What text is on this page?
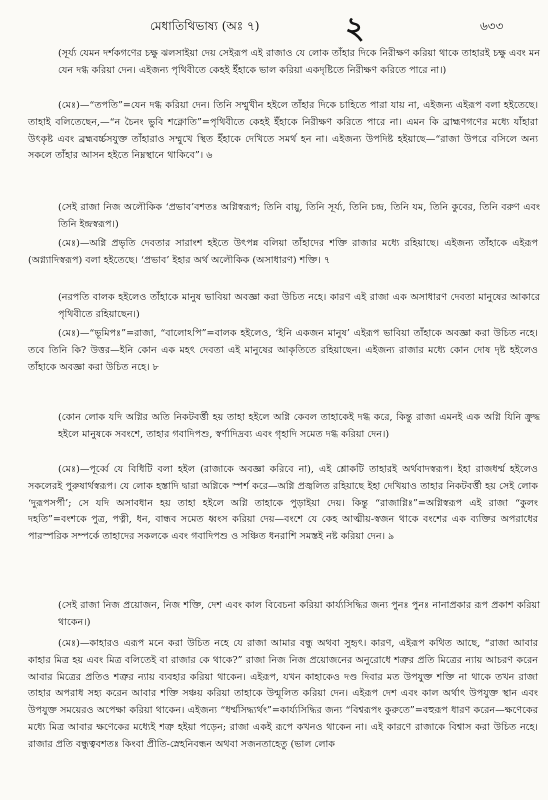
মেধাতিথিভাষ্য (অঃ ৭)	২	৬৩৩

(সূর্য্য যেমন দর্শকগণের চক্ষু ঝলসাইয়া দেয় সেইরূপ এই রাজাও যে লোক তাঁহার দিকে নিরীক্ষণ করিয়া থাকে তাহারই চক্ষু এবং মন যেন দগ্ধ করিয়া দেন। এইজন্য পৃথিবীতে কেহই ইঁহাকে ভাল করিয়া একদৃষ্টিতে নিরীক্ষণ করিতে পারে না।)

(মেঃ)—“তপতি”=যেন দগ্ধ করিয়া দেন। তিনি সম্মুখীন হইলে তাঁহার দিকে চাহিতে পারা যায় না, এইজন্য এইরূপ বলা হইতেছে। তাহাই বলিতেছেন,—“ন চৈনং ভুবি শক্নোতি”=পৃথিবীতে কেহই ইঁহাকে নিরীক্ষণ করিতে পারে না। এমন কি ব্রাহ্মণগণের মধ্যে যাঁহারা উৎকৃষ্ট এবং ব্রহ্মবর্চ্চসযুক্ত তাঁহারাও সম্মুখে স্থিত ইঁহাকে দেখিতে সমর্থ হন না। এইজন্য উপদিষ্ট হইয়াছে—“রাজা উপরে বসিলে অন্য সকলে তাঁহার আসন হইতে নিম্নস্থানে থাকিবে”। ৬

(সেই রাজা নিজ অলৌকিক ‘প্রভাব’বশতঃ অগ্নিস্বরূপ; তিনি বায়ু, তিনি সূর্য্য, তিনি চন্দ্র, তিনি যম, তিনি কুবের, তিনি বরুণ এবং তিনি ইন্দ্রস্বরূপ।)

(মেঃ)—অগ্নি প্রভৃতি দেবতার সারাংশ হইতে উৎপন্ন বলিয়া তাঁহাদের শক্তি রাজার মধ্যে রহিয়াছে। এইজন্য তাঁহাকে এইরূপ (অগ্ন্যাদিস্বরূপ) বলা হইতেছে। ‘প্রভাব’ ইহার অর্থ অলৌকিক (অসাধারণ) শক্তি। ৭

(নরপতি বালক হইলেও তাঁহাকে মানুষ ভাবিয়া অবজ্ঞা করা উচিত নহে। কারণ এই রাজা এক অসাধারণ দেবতা মানুষের আকারে পৃথিবীতে রহিয়াছেন।)

(মেঃ)—“ভূমিপঃ”=রাজা, “বালোঽপি”=বালক হইলেও, ‘ইনি একজন মানুষ’ এইরূপ ভাবিয়া তাঁহাকে অবজ্ঞা করা উচিত নহে। তবে তিনি কি? উত্তর—ইনি কোন এক মহৎ দেবতা এই মানুষের আকৃতিতে রহিয়াছেন। এইজন্য রাজার মধ্যে কোন দোষ দৃষ্ট হইলেও তাঁহাকে অবজ্ঞা করা উচিত নহে। ৮

(কোন লোক যদি অগ্নির অতি নিকটবর্ত্তী হয় তাহা হইলে অগ্নি কেবল তাহাকেই দগ্ধ করে, কিন্তু রাজা এমনই এক অগ্নি যিনি ক্রুদ্ধ হইলে মানুষকে সবংশে, তাহার গবাদিপশু, স্বর্ণাদিদ্রব্য এবং গৃহাদি সমেত দগ্ধ করিয়া দেন।)

(মেঃ)—পূর্ব্বে যে বিধিটি বলা হইল (রাজাকে অবজ্ঞা করিবে না), এই শ্লোকটি তাহারই অর্থবাদস্বরূপ। ইহা রাজধর্ম্ম হইলেও সকলেরই পুরুষার্থস্বরূপ। যে লোক হস্তাদি দ্বারা অগ্নিকে স্পর্শ করে—অগ্নি প্রজ্বলিত রহিয়াছে ইহা দেখিয়াও তাহার নিকটবর্ত্তী হয় সেই লোক ‘দুরূপসর্পী’; সে যদি অসাবধান হয় তাহা হইলে অগ্নি তাহাকে পুড়াইয়া দেয়। কিন্তু “রাজাগ্নিঃ”=অগ্নিস্বরূপ এই রাজা “কুলং দহতি”=বংশকে পুত্র, পত্নী, ধন, বান্ধব সমেত ধ্বংস করিয়া দেয়—বংশে যে কেহ আত্মীয়-স্বজন থাকে বংশের এক ব্যক্তির অপরাধের পারস্পরিক সম্পর্কে তাহাদের সকলকে এবং গবাদিপশু ও সঞ্চিত ধনরাশি সমস্তই নষ্ট করিয়া দেন। ৯

(সেই রাজা নিজ প্রয়োজন, নিজ শক্তি, দেশ এবং কাল বিবেচনা করিয়া কার্য্যসিদ্ধির জন্য পুনঃ পুনঃ নানাপ্রকার রূপ প্রকাশ করিয়া থাকেন।)

(মেঃ)—কাহারও এরূপ মনে করা উচিত নহে যে রাজা আমার বন্ধু অথবা সুহৃৎ। কারণ, এইরূপ কথিত আছে, “রাজা আবার কাহার মিত্র হয় এবং মিত্র বলিতেই বা রাজার কে থাকে?” রাজা নিজ নিজ প্রয়োজনের অনুরোধে শত্রুর প্রতি মিত্রের ন্যায় আচরণ করেন আবার মিত্রের প্রতিও শত্রুর ন্যায় ব্যবহার করিয়া থাকেন। এইরূপ, যখন কাহাকেও দণ্ড দিবার মত উপযুক্ত শক্তি না থাকে তখন রাজা তাহার অপরাধ সহ্য করেন আবার শক্তি সঞ্চয় করিয়া তাহাকে উন্মূলিত করিয়া দেন। এইরূপ দেশ এবং কাল অর্থাৎ উপযুক্ত স্থান এবং উপযুক্ত সময়েরও অপেক্ষা করিয়া থাকেন। এইজন্য “ধর্ম্মসিদ্ধ্যর্থং”=কার্য্যসিদ্ধির জন্য “বিশ্বরূপং কুরুতে”=বহুরূপ ধারণ করেন—ক্ষণেকের মধ্যে মিত্র আবার ক্ষণেকের মধ্যেই শত্রু হইয়া পড়েন; রাজা একই রূপে কখনও থাকেন না। এই কারণে রাজাকে বিশ্বাস করা উচিত নহে। রাজার প্রতি বন্ধুত্ববশতঃ কিংবা প্রীতি-স্নেহনিবন্ধন অথবা সজনতাহেতু (ভাল লোক
